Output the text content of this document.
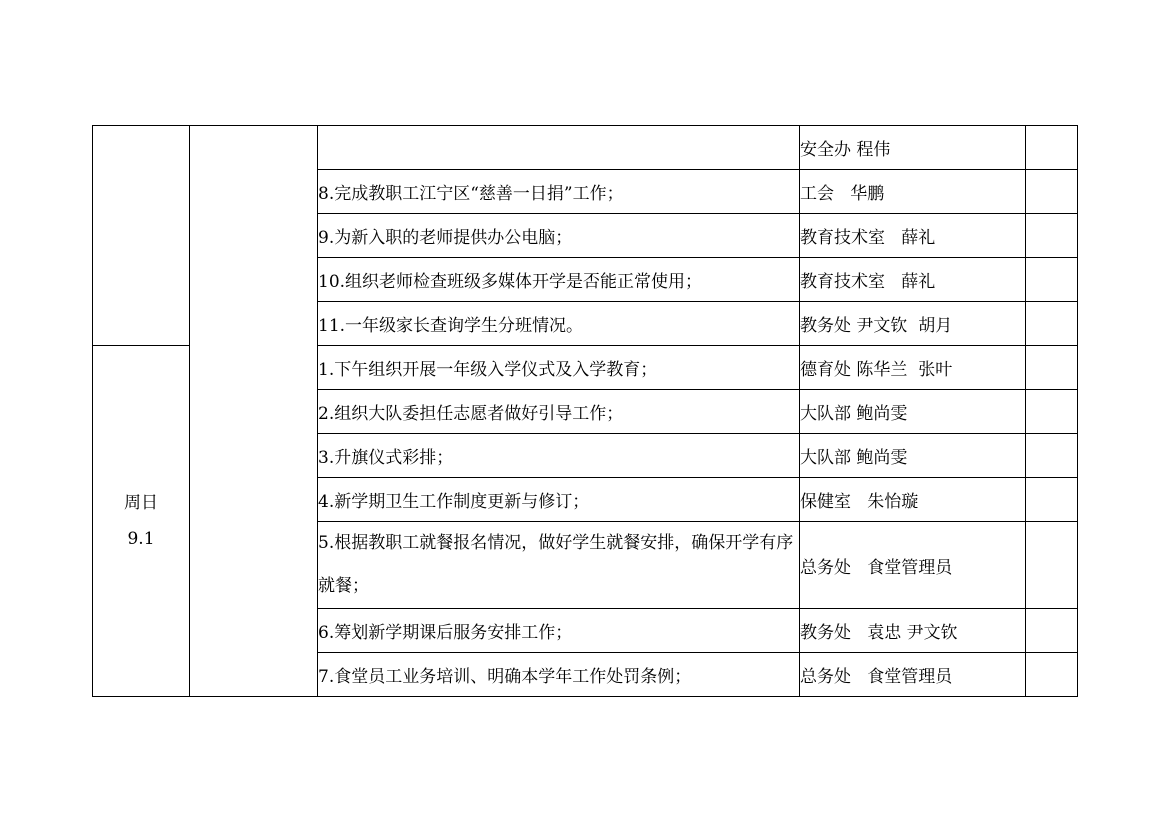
			安全办 程伟	
		8.完成教职工江宁区“慈善一日捐”工作；	工会   华鹏	
		9.为新入职的老师提供办公电脑；	教育技术室   薛礼	
		10.组织老师检查班级多媒体开学是否能正常使用；	教育技术室   薛礼	
		11.一年级家长查询学生分班情况。	教务处 尹文钦  胡月	

周日
9.1		1.下午组织开展一年级入学仪式及入学教育；	德育处 陈华兰  张叶	
		2.组织大队委担任志愿者做好引导工作；	大队部 鲍尚雯	
		3.升旗仪式彩排；	大队部 鲍尚雯	
		4.新学期卫生工作制度更新与修订；	保健室   朱怡璇	
		5.根据教职工就餐报名情况，做好学生就餐安排，确保开学有序就餐；	总务处   食堂管理员	
		6.筹划新学期课后服务安排工作；	教务处   袁忠 尹文钦	
		7.食堂员工业务培训、明确本学年工作处罚条例；	总务处   食堂管理员	
